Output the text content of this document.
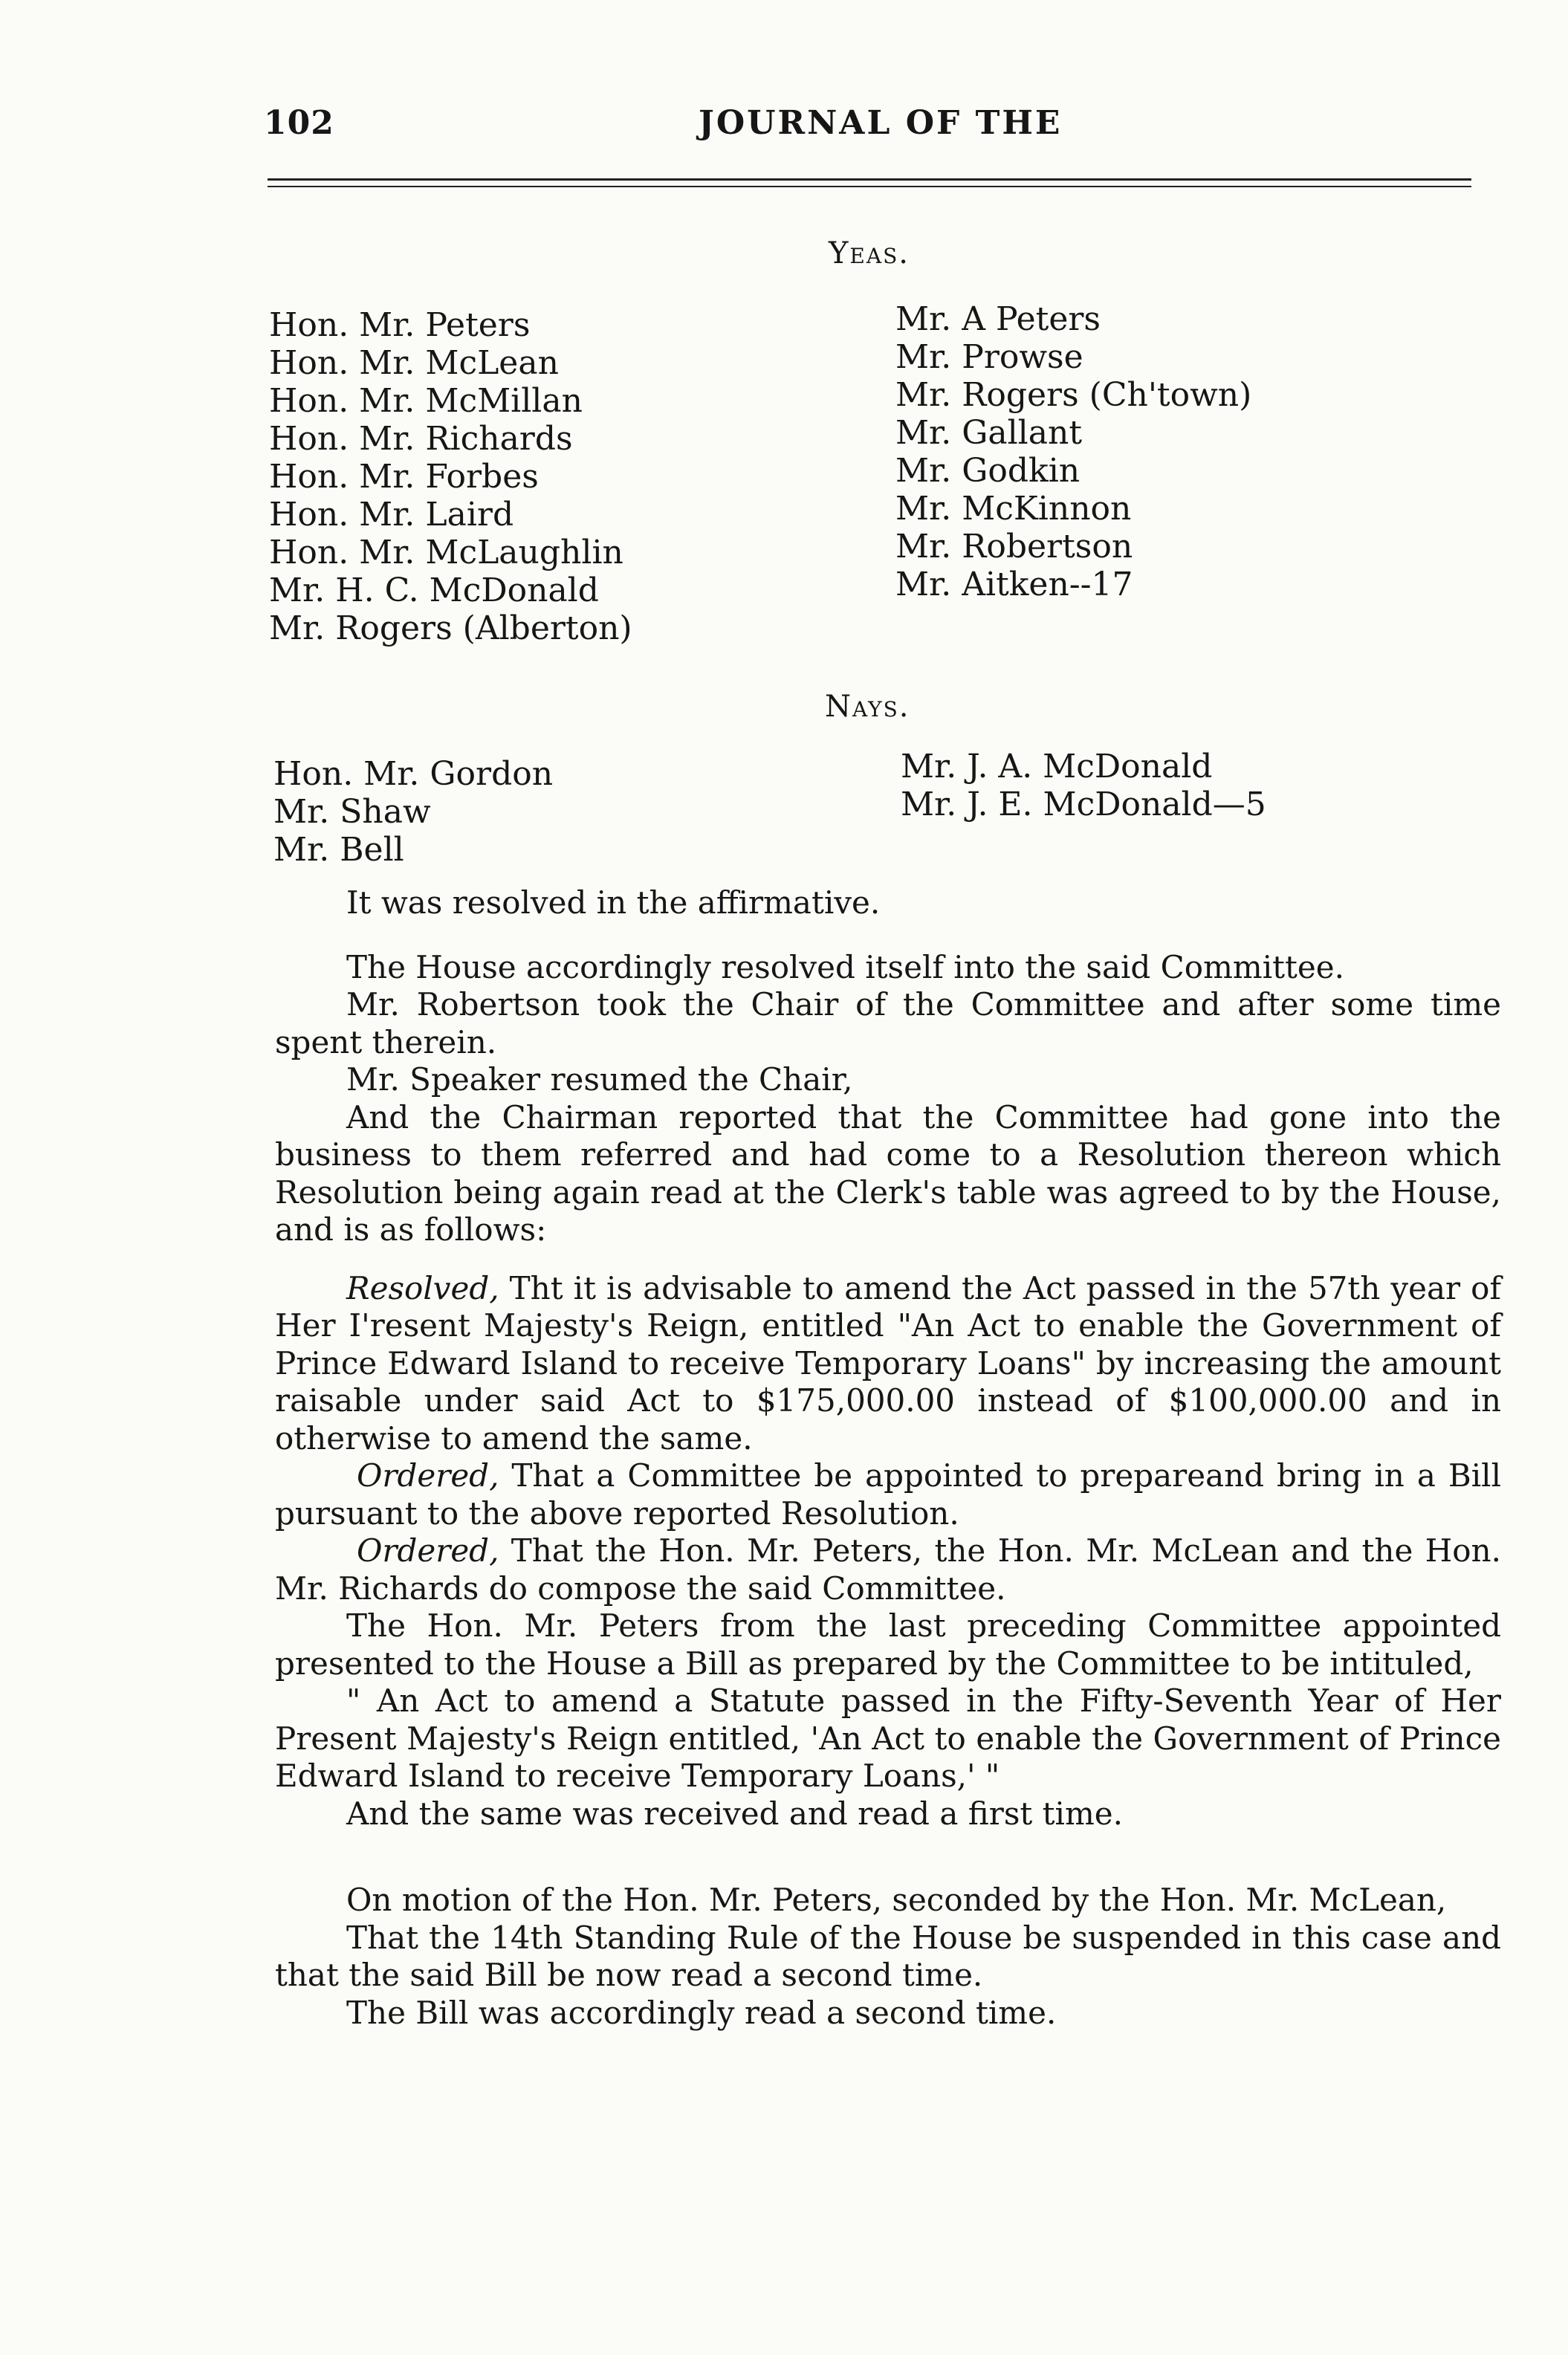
102	JOURNAL OF THE
Yeas.
Hon. Mr. Peters
Hon. Mr. McLean
Hon. Mr. McMillan
Hon. Mr. Richards
Hon. Mr. Forbes
Hon. Mr. Laird
Hon. Mr. McLaughlin
Mr. H. C. McDonald
Mr. Rogers (Alberton)
Mr. A Peters
Mr. Prowse
Mr. Rogers (Ch'town)
Mr. Gallant
Mr. Godkin
Mr. McKinnon
Mr. Robertson
Mr. Aitken--17
Nays.
Hon. Mr. Gordon
Mr. Shaw
Mr. Bell
Mr. J. A. McDonald
Mr. J. E. McDonald—5

It was resolved in the affirmative.

The House accordingly resolved itself into the said Committee.

Mr. Robertson took the Chair of the Committee and after some time spent therein.

Mr. Speaker resumed the Chair,

And the Chairman reported that the Committee had gone into the business to them referred and had come to a Resolution thereon which Resolution being again read at the Clerk's table was agreed to by the House, and is as follows:

Resolved, Tht it is advisable to amend the Act passed in the 57th year of Her I'resent Majesty's Reign, entitled "An Act to enable the Government of Prince Edward Island to receive Temporary Loans" by increasing the amount raisable under said Act to $175,000.00 instead of $100,000.00 and in otherwise to amend the same.

Ordered, That a Committee be appointed to prepareand bring in a Bill pursuant to the above reported Resolution.

Ordered, That the Hon. Mr. Peters, the Hon. Mr. McLean and the Hon. Mr. Richards do compose the said Committee.

The Hon. Mr. Peters from the last preceding Committee appointed presented to the House a Bill as prepared by the Committee to be intituled,

" An Act to amend a Statute passed in the Fifty-Seventh Year of Her Present Majesty's Reign entitled, 'An Act to enable the Government of Prince Edward Island to receive Temporary Loans,' "

And the same was received and read a first time.

On motion of the Hon. Mr. Peters, seconded by the Hon. Mr. McLean,

That the 14th Standing Rule of the House be suspended in this case and that the said Bill be now read a second time.

The Bill was accordingly read a second time.
